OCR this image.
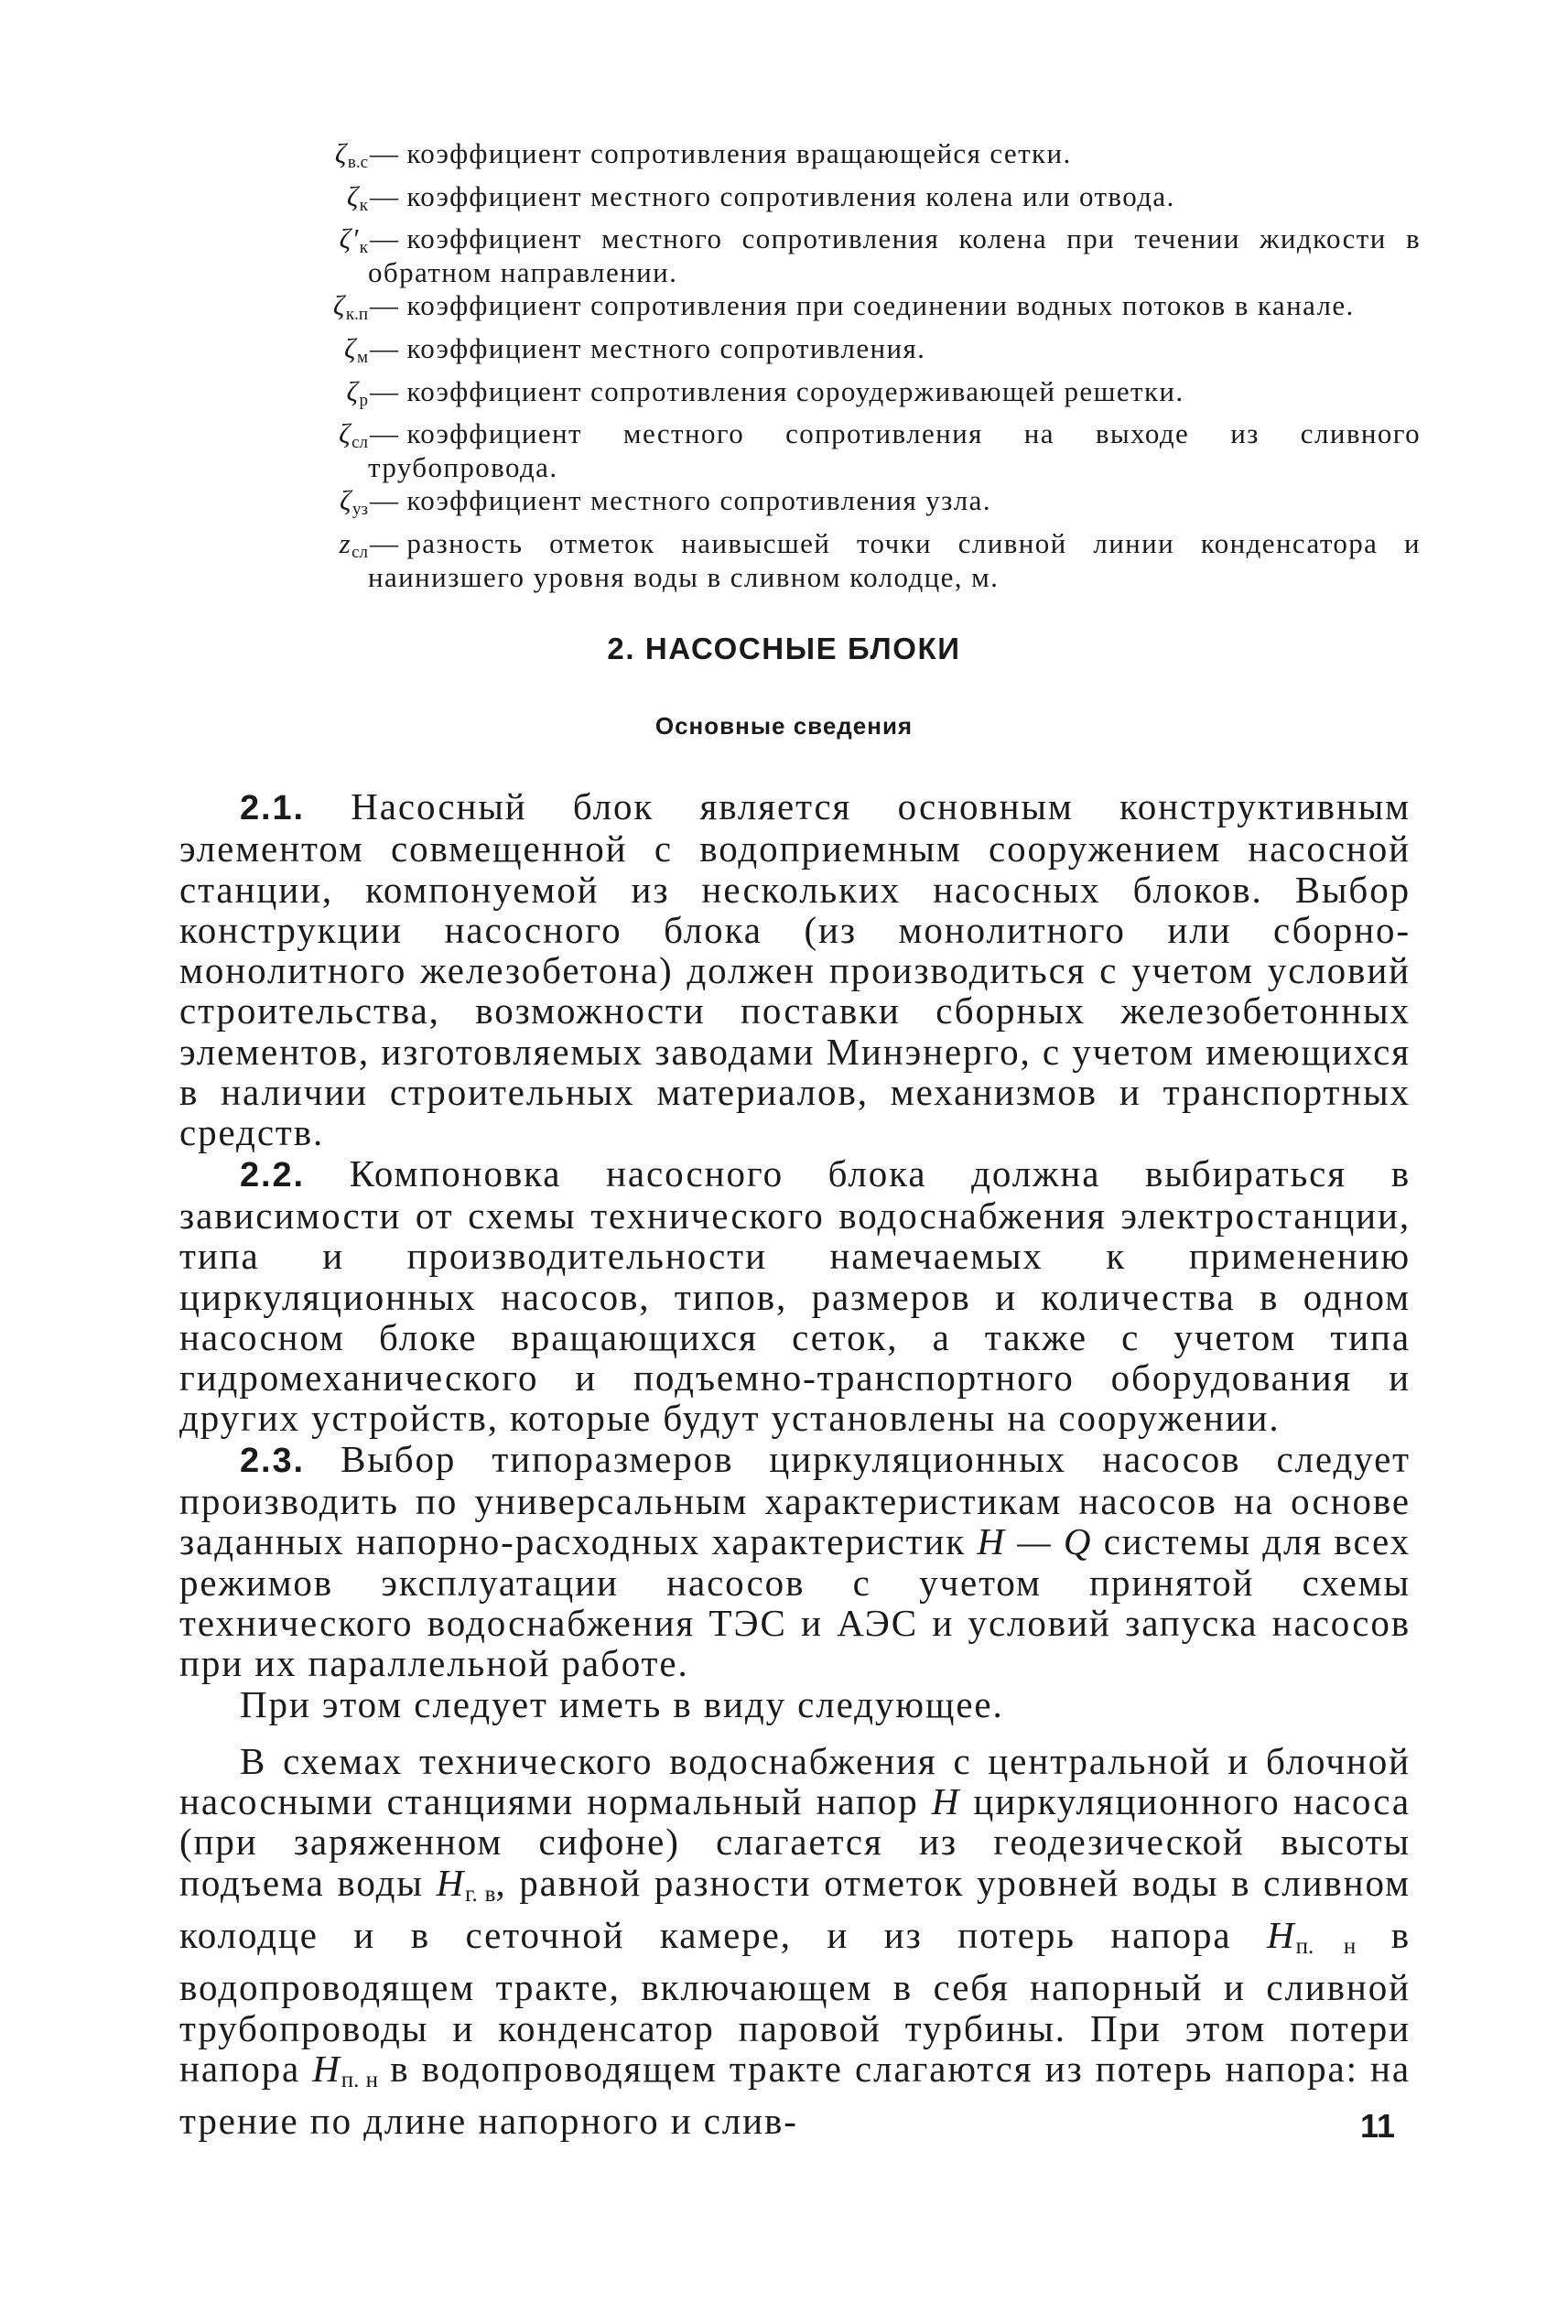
$\zeta_{в.с}$ — коэффициент сопротивления вращающейся сетки.
$\zeta_к$ — коэффициент местного сопротивления колена или отвода.
$\zeta'_к$ — коэффициент местного сопротивления колена при течении жидкости в обратном направлении.
$\zeta_{к.п}$ — коэффициент сопротивления при соединении водных потоков в канале.
$\zeta_м$ — коэффициент местного сопротивления.
$\zeta_р$ — коэффициент сопротивления сороудерживающей решетки.
$\zeta_{сл}$ — коэффициент местного сопротивления на выходе из сливного трубопровода.
$\zeta_{уз}$ — коэффициент местного сопротивления узла.
$z_{сл}$ — разность отметок наивысшей точки сливной линии конденсатора и наинизшего уровня воды в сливном колодце, м.
2. НАСОСНЫЕ БЛОКИ
Основные сведения

2.1. Насосный блок является основным конструктивным элементом совмещенной с водоприемным сооружением насосной станции, компонуемой из нескольких насосных блоков. Выбор конструкции насосного блока (из монолитного или сборно-монолитного железобетона) должен производиться с учетом условий строительства, возможности поставки сборных железобетонных элементов, изготовляемых заводами Минэнерго, с учетом имеющихся в наличии строительных материалов, механизмов и транспортных средств.

2.2. Компоновка насосного блока должна выбираться в зависимости от схемы технического водоснабжения электростанции, типа и производительности намечаемых к применению циркуляционных насосов, типов, размеров и количества в одном насосном блоке вращающихся сеток, а также с учетом типа гидромеханического и подъемно-транспортного оборудования и других устройств, которые будут установлены на сооружении.

2.3. Выбор типоразмеров циркуляционных насосов следует производить по универсальным характеристикам насосов на основе заданных напорно-расходных характеристик H — Q системы для всех режимов эксплуатации насосов с учетом принятой схемы технического водоснабжения ТЭС и АЭС и условий запуска насосов при их параллельной работе.

При этом следует иметь в виду следующее.

В схемах технического водоснабжения с центральной и блочной насосными станциями нормальный напор H циркуляционного насоса (при заряженном сифоне) слагается из геодезической высоты подъема воды $H_{г. в}$, равной разности отметок уровней воды в сливном колодце и в сеточной камере, и из потерь напора $H_{п. н}$ в водопроводящем тракте, включающем в себя напорный и сливной трубопроводы и конденсатор паровой турбины. При этом потери напора $H_{п. н}$ в водопроводящем тракте слагаются из потерь напора: на трение по длине напорного и слив-	11
